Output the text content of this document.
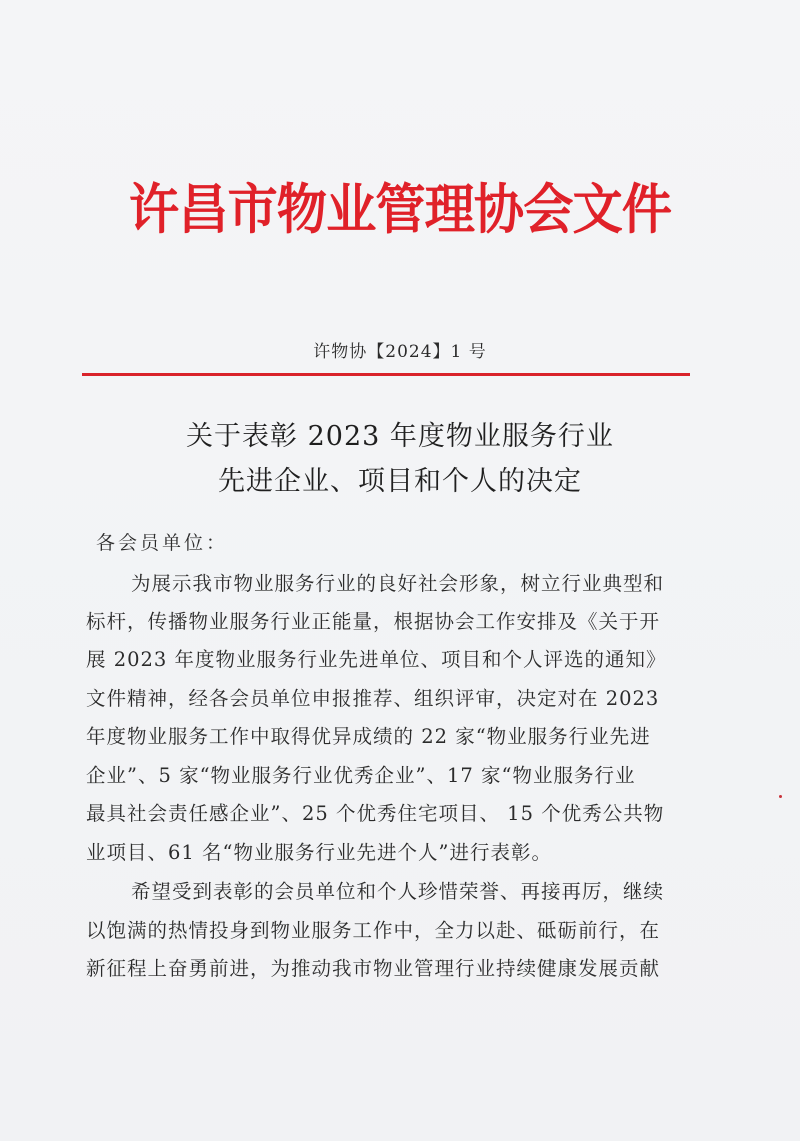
许昌市物业管理协会文件
许物协【2024】1 号
关于表彰 2023 年度物业服务行业
先进企业、项目和个人的决定
各会员单位：
为展示我市物业服务行业的良好社会形象，树立行业典型和
标杆，传播物业服务行业正能量，根据协会工作安排及《关于开
展 2023 年度物业服务行业先进单位、项目和个人评选的通知》
文件精神，经各会员单位申报推荐、组织评审，决定对在 2023
年度物业服务工作中取得优异成绩的 22 家“物业服务行业先进
企业”、5 家“物业服务行业优秀企业”、17 家“物业服务行业
最具社会责任感企业”、25 个优秀住宅项目、 15 个优秀公共物
业项目、61 名“物业服务行业先进个人”进行表彰。
希望受到表彰的会员单位和个人珍惜荣誉、再接再厉，继续
以饱满的热情投身到物业服务工作中，全力以赴、砥砺前行，在
新征程上奋勇前进，为推动我市物业管理行业持续健康发展贡献
